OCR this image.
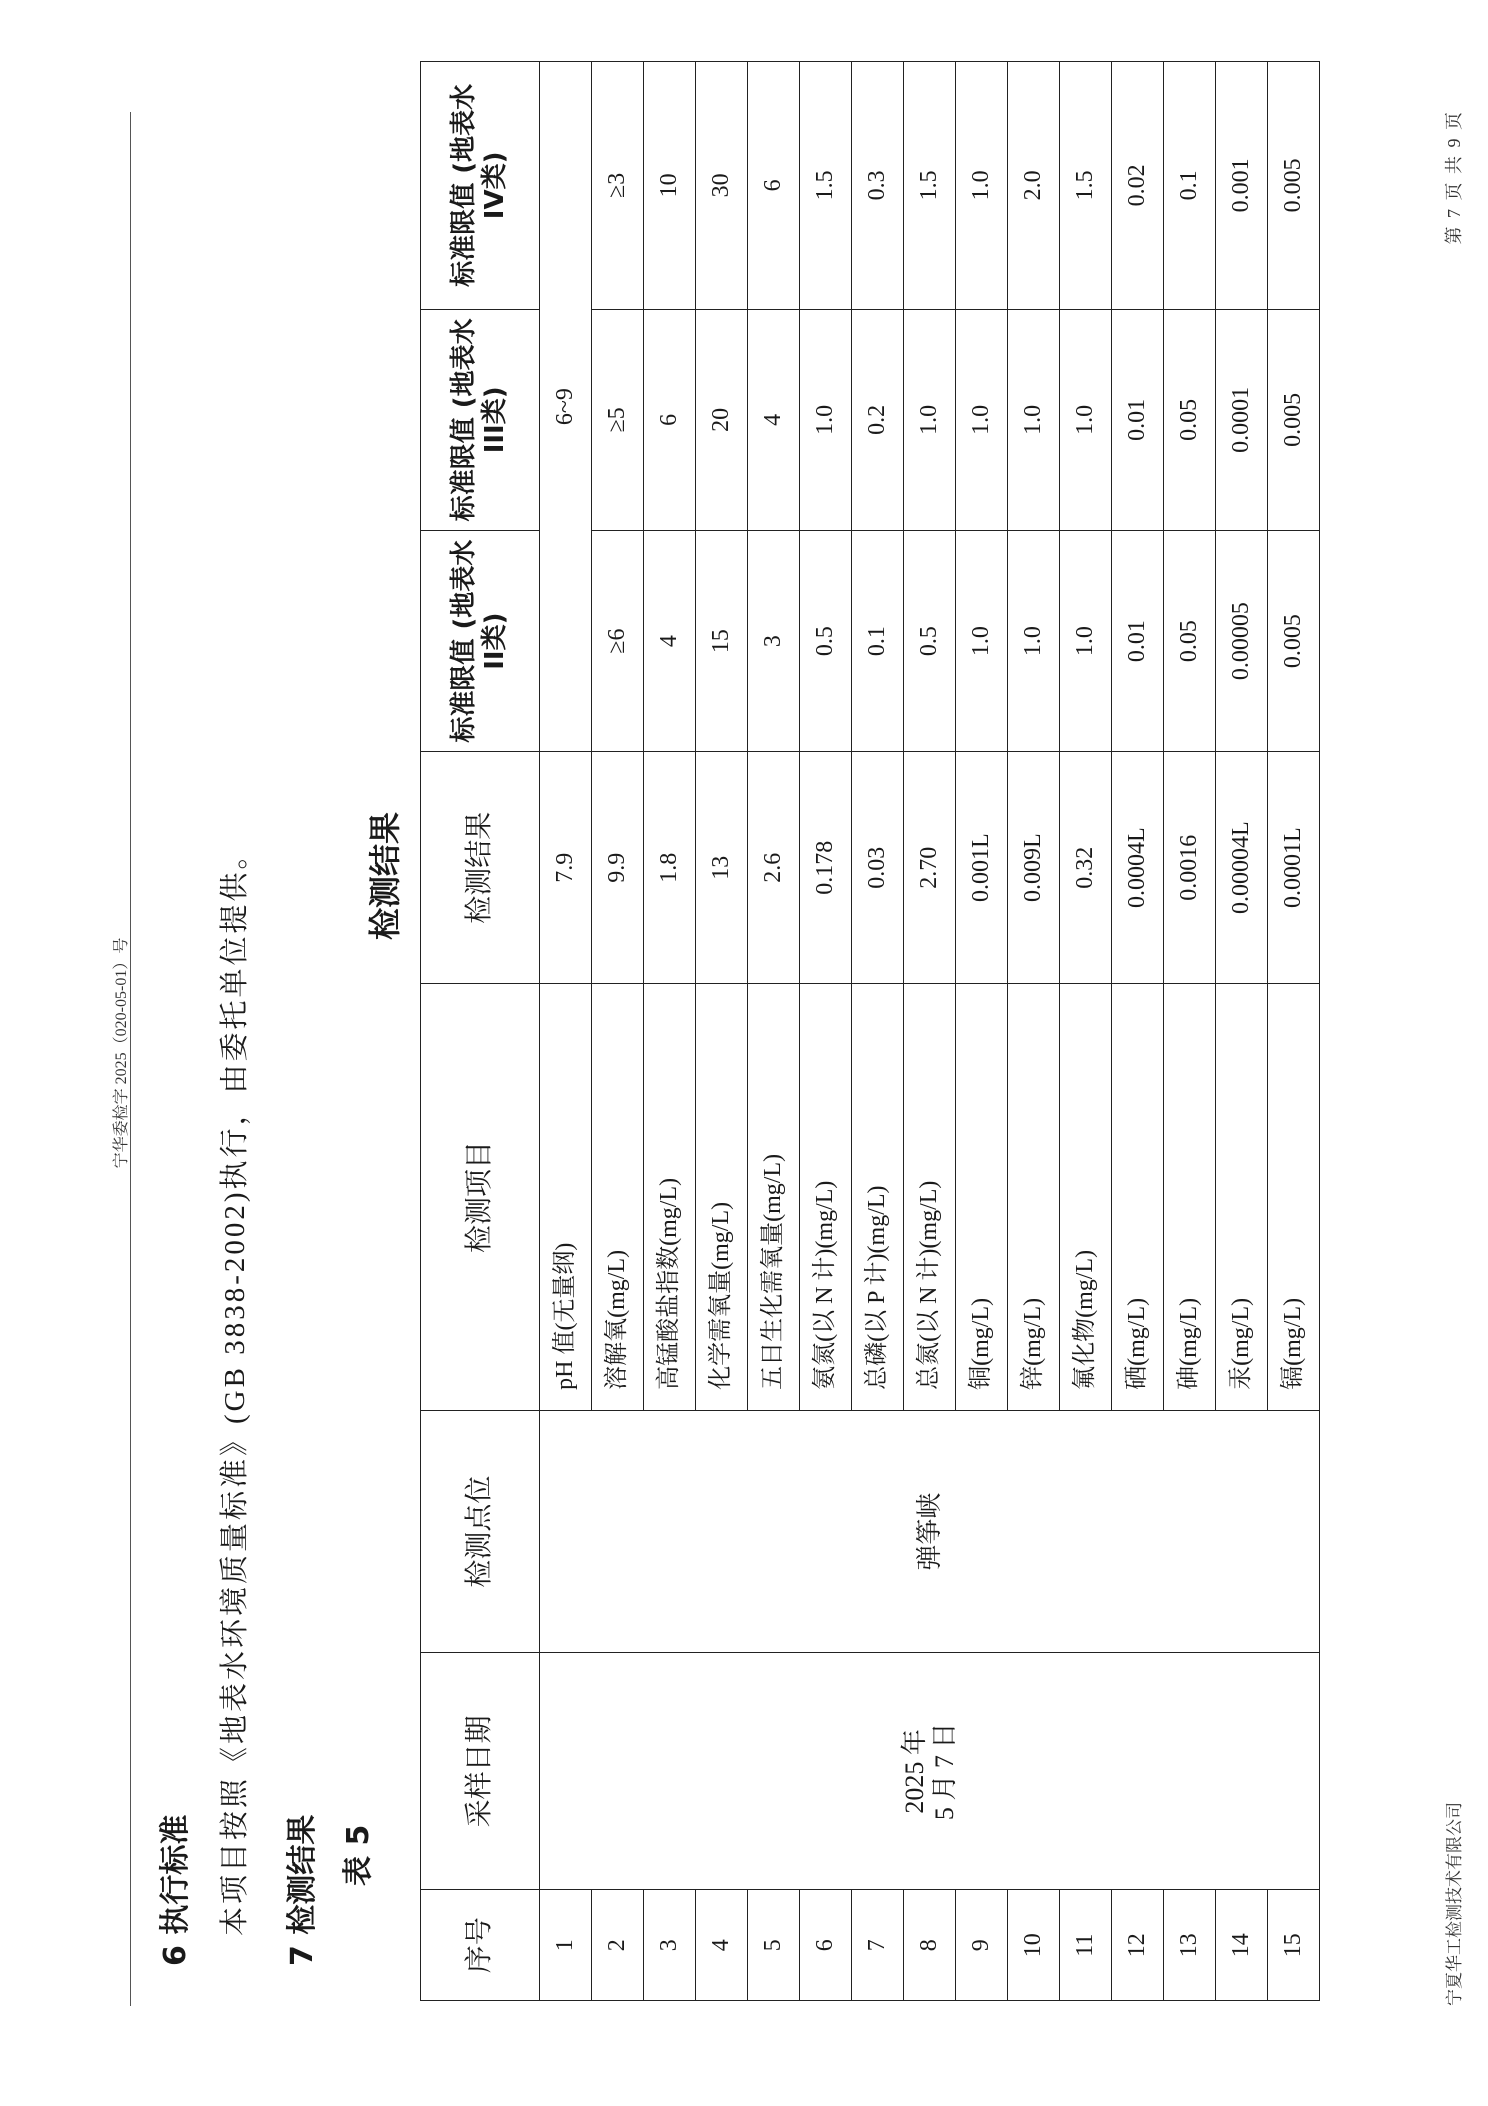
宁华委检字 2025（020-05-01）号
6 执行标准 本项目按照《地表水环境质量标准》(GB 3838-2002)执行，由委托单位提供。 7 检测结果 表 5
检测结果
序号	采样日期	检测点位	检测项目	检测结果	标准限值 (地表水 II类)	标准限值 (地表水 III类)	标准限值 (地表水 IV类)
1	2025 年 5 月 7 日	弹筝峡	pH 值(无量纲)	7.9	6~9		
2			溶解氧(mg/L)	9.9	≥6	≥5	≥3
3			高锰酸盐指数(mg/L)	1.8	4	6	10
4			化学需氧量(mg/L)	13	15	20	30
5			五日生化需氧量(mg/L)	2.6	3	4	6
6			氨氮(以 N 计)(mg/L)	0.178	0.5	1.0	1.5
7			总磷(以 P 计)(mg/L)	0.03	0.1	0.2	0.3
8			总氮(以 N 计)(mg/L)	2.70	0.5	1.0	1.5
9			铜(mg/L)	0.001L	1.0	1.0	1.0
10			锌(mg/L)	0.009L	1.0	1.0	2.0
11			氟化物(mg/L)	0.32	1.0	1.0	1.5
12			硒(mg/L)	0.0004L	0.01	0.01	0.02
13			砷(mg/L)	0.0016	0.05	0.05	0.1
14			汞(mg/L)	0.00004L	0.00005	0.0001	0.001
15			镉(mg/L)	0.0001L	0.005	0.005	0.005
宁夏华工检测技术有限公司
第 7 页 共 9 页
